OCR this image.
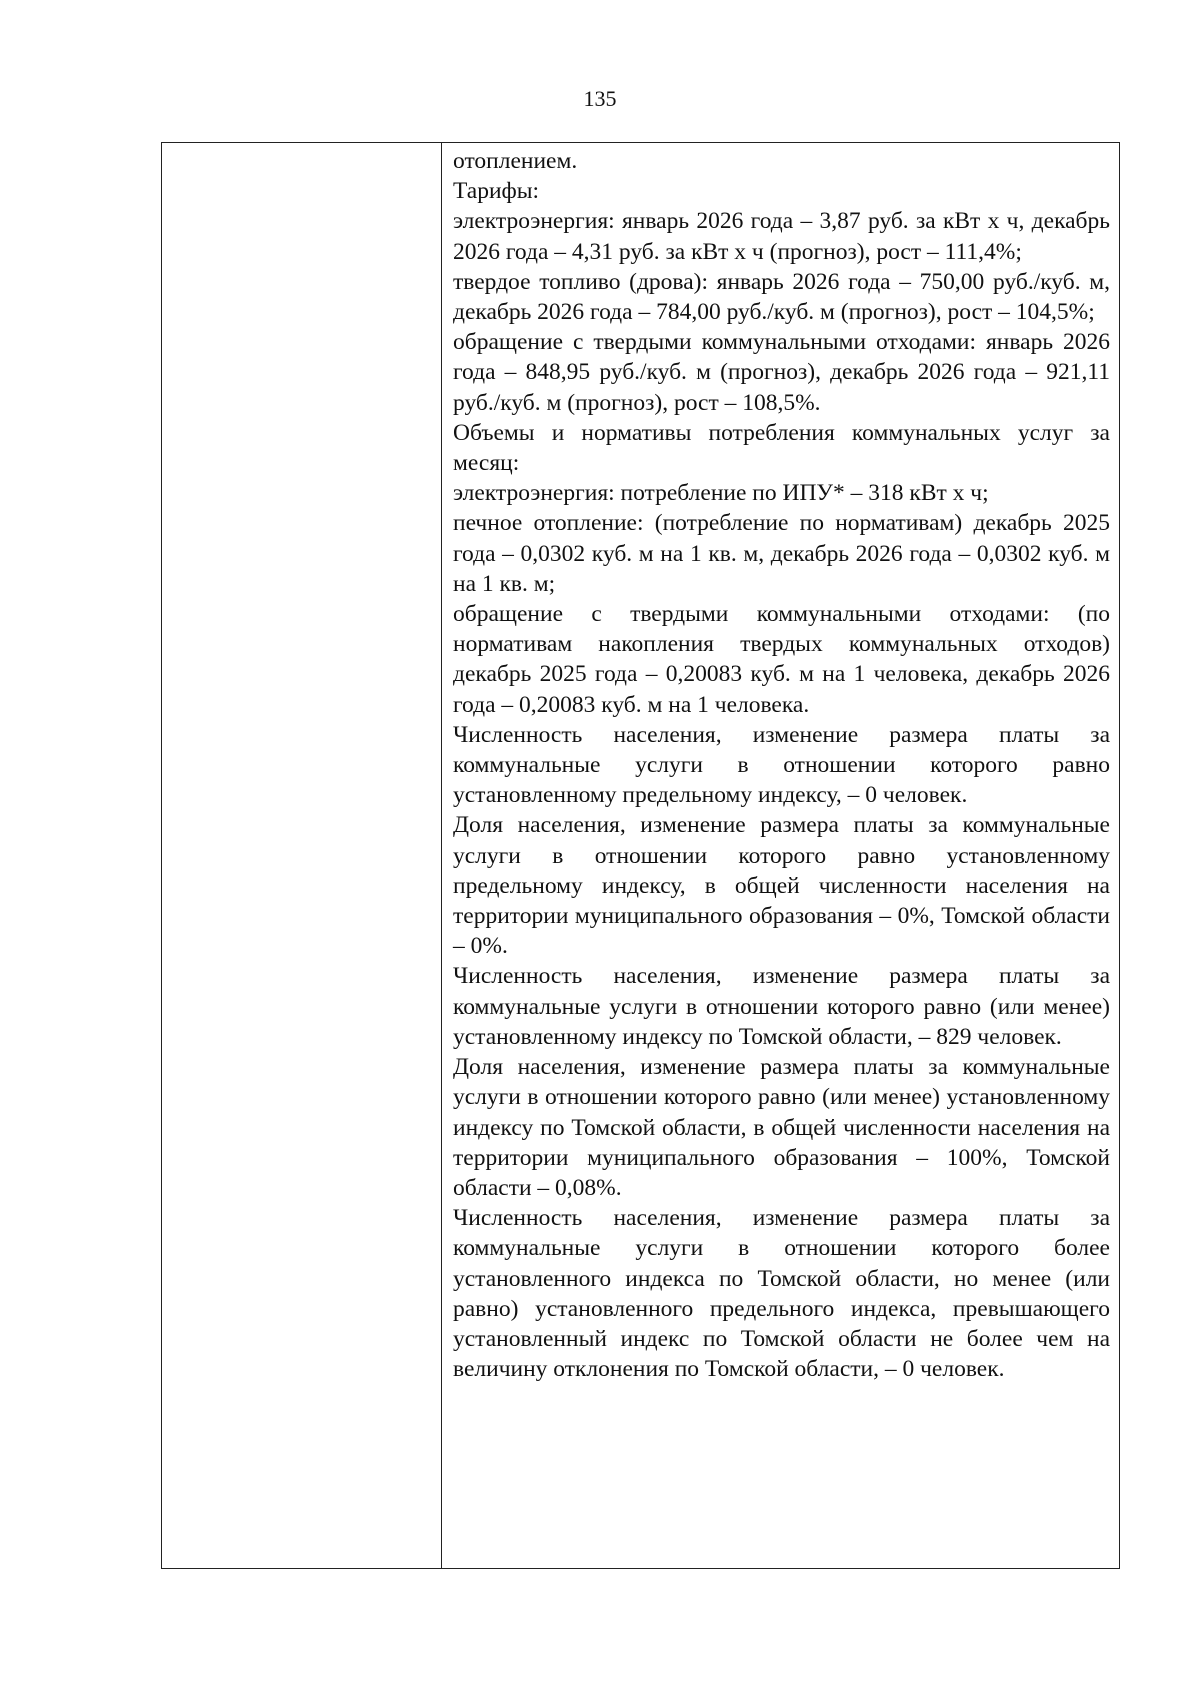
135

отоплением.

Тарифы:

электроэнергия: январь 2026 года – 3,87 руб. за кВт х ч, декабрь 2026 года – 4,31 руб. за кВт х ч (прогноз), рост – 111,4%;

твердое топливо (дрова): январь 2026 года – 750,00 руб./куб. м, декабрь 2026 года – 784,00 руб./куб. м (прогноз), рост – 104,5%;

обращение с твердыми коммунальными отходами: январь 2026 года – 848,95 руб./куб. м (прогноз), декабрь 2026 года – 921,11 руб./куб. м (прогноз), рост – 108,5%.

Объемы и нормативы потребления коммунальных услуг за месяц:

электроэнергия: потребление по ИПУ* – 318 кВт х ч;

печное отопление: (потребление по нормативам) декабрь 2025 года – 0,0302 куб. м на 1 кв. м, декабрь 2026 года – 0,0302 куб. м на 1 кв. м;

обращение с твердыми коммунальными отходами: (по нормативам накопления твердых коммунальных отходов) декабрь 2025 года – 0,20083 куб. м на 1 человека, декабрь 2026 года – 0,20083 куб. м на 1 человека.

Численность населения, изменение размера платы за коммунальные услуги в отношении которого равно установленному предельному индексу, – 0 человек.

Доля населения, изменение размера платы за коммунальные услуги в отношении которого равно установленному предельному индексу, в общей численности населения на территории муниципального образования – 0%, Томской области – 0%.

Численность населения, изменение размера платы за коммунальные услуги в отношении которого равно (или менее) установленному индексу по Томской области, – 829 человек.

Доля населения, изменение размера платы за коммунальные услуги в отношении которого равно (или менее) установленному индексу по Томской области, в общей численности населения на территории муниципального образования – 100%, Томской области – 0,08%.

Численность населения, изменение размера платы за коммунальные услуги в отношении которого более установленного индекса по Томской области, но менее (или равно) установленного предельного индекса, превышающего установленный индекс по Томской области не более чем на величину отклонения по Томской области, – 0 человек.
